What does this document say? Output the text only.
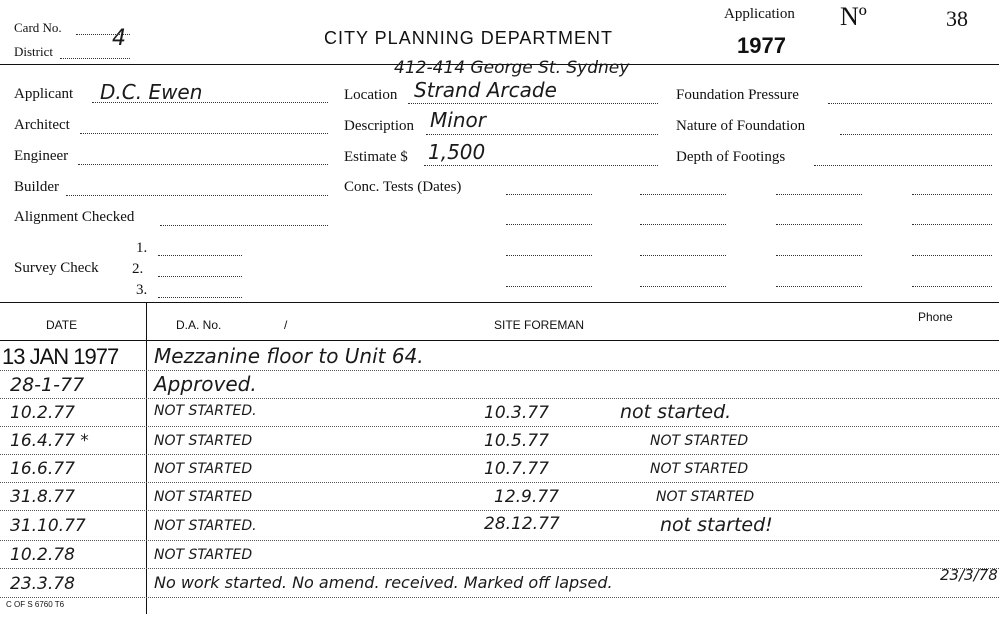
Card No.
District
4	CITY PLANNING DEPARTMENT
Application Nº	38
1977
Applicant D.C. Ewen
Architect
Engineer
Builder
Alignment Checked
Survey Check
1.
2.
3.
412-414 George St. Sydney
Location Strand Arcade
Description Minor
Estimate $ 1,500
Conc. Tests (Dates)
Foundation Pressure
Nature of Foundation
Depth of Footings
DATE	D.A. No.	/	SITE FOREMAN
Phone
13 JAN 1977 Mezzanine floor to Unit 64.
28-1-77	Approved.
10.2.77	NOT STARTED.	10.3.77	not started.
16.4.77 *	NOT STARTED	10.5.77	NOT STARTED
16.6.77	NOT STARTED	10.7.77	NOT STARTED
31.8.77	NOT STARTED	12.9.77	NOT STARTED
31.10.77	NOT STARTED.	28.12.77	not started!
10.2.78	NOT STARTED
23.3.78	No work started. No amend. received. Marked off lapsed.	23/3/78
C OF S 6760 T6
